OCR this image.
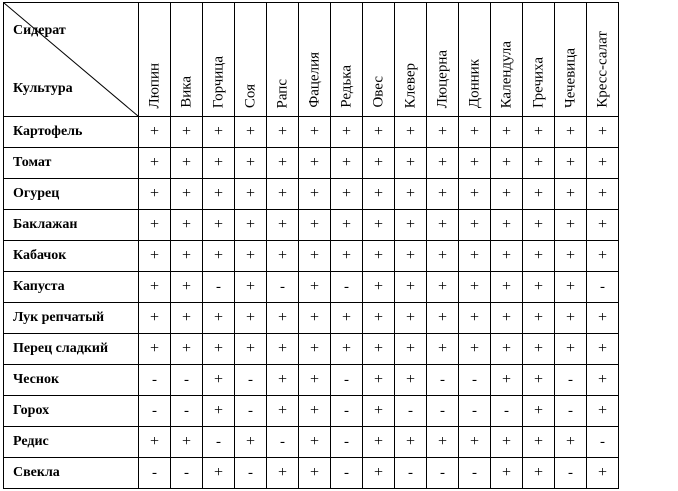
Сидерат
Культура	Люпин	Вика	Горчица	Соя	Рапс	Фацелия	Редька	Овес	Клевер	Люцерна	Донник	Календула	Гречиха	Чечевица	Кресс-салат

Картофель	+	+	+	+	+	+	+	+	+	+	+	+	+	+	+
Томат	+	+	+	+	+	+	+	+	+	+	+	+	+	+	+
Огурец	+	+	+	+	+	+	+	+	+	+	+	+	+	+	+
Баклажан	+	+	+	+	+	+	+	+	+	+	+	+	+	+	+
Кабачок	+	+	+	+	+	+	+	+	+	+	+	+	+	+	+
Капуста	+	+	-	+	-	+	-	+	+	+	+	+	+	+	-
Лук репчатый	+	+	+	+	+	+	+	+	+	+	+	+	+	+	+
Перец сладкий	+	+	+	+	+	+	+	+	+	+	+	+	+	+	+
Чеснок	-	-	+	-	+	+	-	+	+	-	-	+	+	-	+
Горох	-	-	+	-	+	+	-	+	-	-	-	-	+	-	+
Редис	+	+	-	+	-	+	-	+	+	+	+	+	+	+	-
Свекла	-	-	+	-	+	+	-	+	-	-	-	+	+	-	+
